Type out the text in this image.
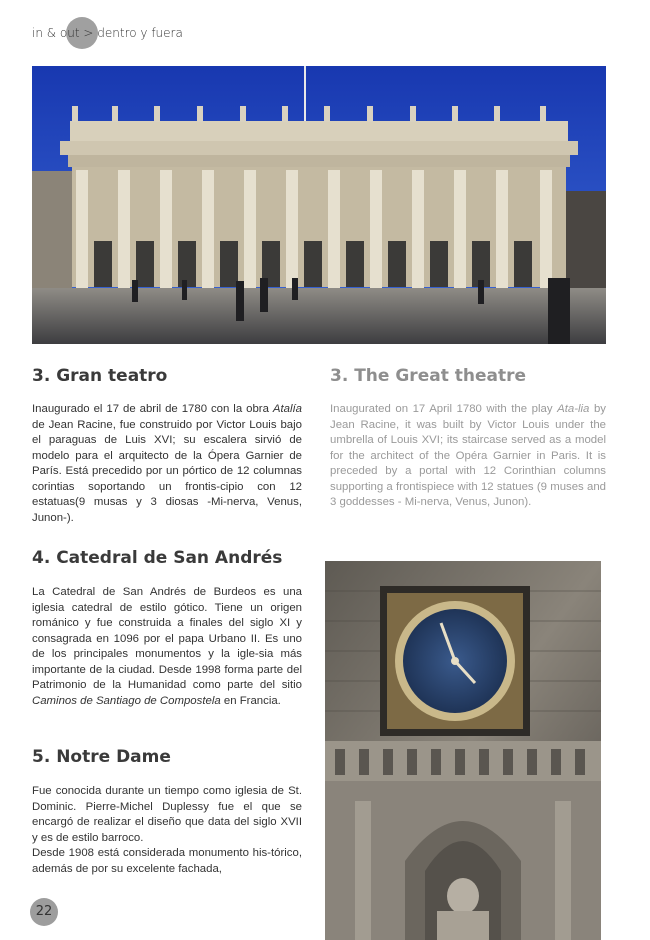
in & out > dentro y fuera
3. Gran teatro

Inaugurado el 17 de abril de 1780 con la obra Atalía de Jean Racine, fue construido por Victor Louis bajo el paraguas de Luis XVI; su escalera sirvió de modelo para el arquitecto de la Ópera Garnier de París. Está precedido por un pórtico de 12 columnas corintias soportando un frontis-cipio con 12 estatuas(9 musas y 3 diosas -Mi-nerva, Venus, Junon-).

3. The Great theatre

Inaugurated on 17 April 1780 with the play Ata-lia by Jean Racine, it was built by Victor Louis under the umbrella of Louis XVI; its staircase served as a model for the architect of the Opéra Garnier in Paris. It is preceded by a portal with 12 Corinthian columns supporting a frontispiece with 12 statues (9 muses and 3 goddesses - Mi-nerva, Venus, Junon).

4. Catedral de San Andrés

La Catedral de San Andrés de Burdeos es una iglesia catedral de estilo gótico. Tiene un origen románico y fue construida a finales del siglo XI y consagrada en 1096 por el papa Urbano II. Es uno de los principales monumentos y la igle-sia más importante de la ciudad. Desde 1998 forma parte del Patrimonio de la Humanidad como parte del sitio Caminos de Santiago de Compostela en Francia.

5. Notre Dame

Fue conocida durante un tiempo como iglesia de St. Dominic. Pierre-Michel Duplessy fue el que se encargó de realizar el diseño que data del siglo XVII y es de estilo barroco.

Desde 1908 está considerada monumento his-tórico, además de por su excelente fachada,

22
